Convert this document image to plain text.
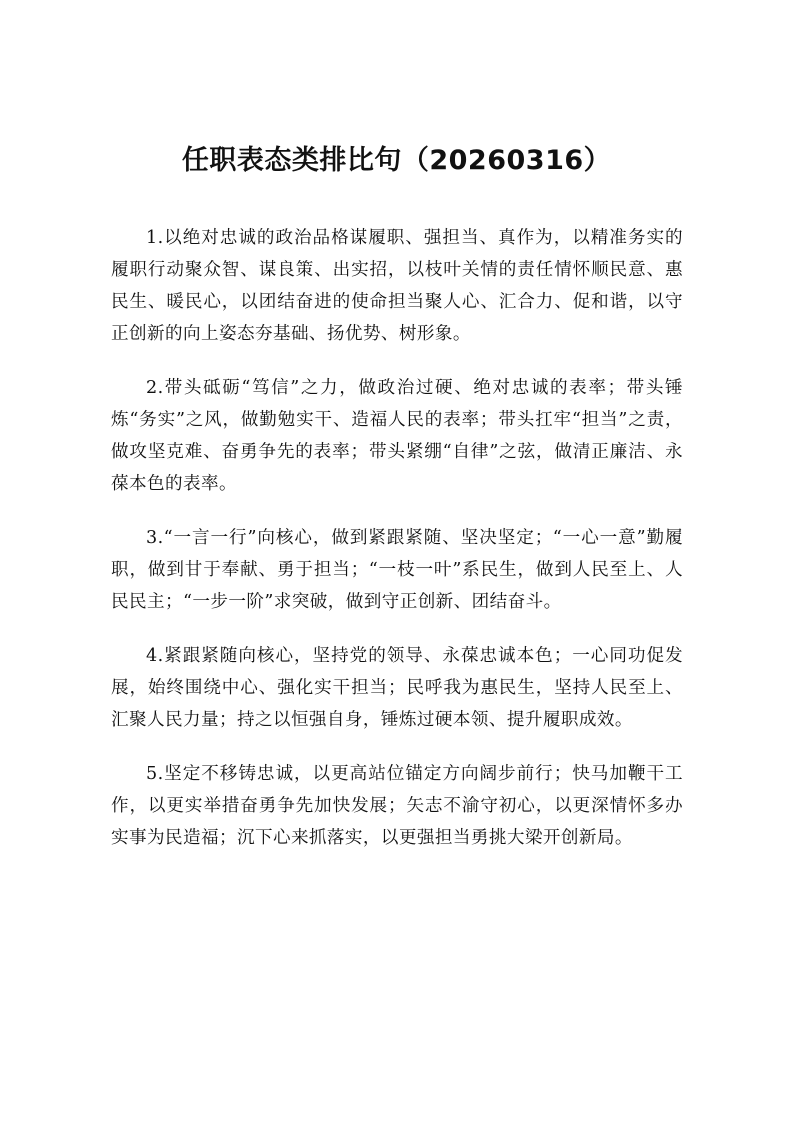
任职表态类排比句（20260316）

1.以绝对忠诚的政治品格谋履职、强担当、真作为，以精准务实的履职行动聚众智、谋良策、出实招，以枝叶关情的责任情怀顺民意、惠民生、暖民心，以团结奋进的使命担当聚人心、汇合力、促和谐，以守正创新的向上姿态夯基础、扬优势、树形象。

2.带头砥砺“笃信”之力，做政治过硬、绝对忠诚的表率；带头锤炼“务实”之风，做勤勉实干、造福人民的表率；带头扛牢“担当”之责，做攻坚克难、奋勇争先的表率；带头紧绷“自律”之弦，做清正廉洁、永葆本色的表率。

3.“一言一行”向核心，做到紧跟紧随、坚决坚定；“一心一意”勤履职，做到甘于奉献、勇于担当；“一枝一叶”系民生，做到人民至上、人民民主；“一步一阶”求突破，做到守正创新、团结奋斗。

4.紧跟紧随向核心，坚持党的领导、永葆忠诚本色；一心同功促发展，始终围绕中心、强化实干担当；民呼我为惠民生，坚持人民至上、汇聚人民力量；持之以恒强自身，锤炼过硬本领、提升履职成效。

5.坚定不移铸忠诚，以更高站位锚定方向阔步前行；快马加鞭干工作，以更实举措奋勇争先加快发展；矢志不渝守初心，以更深情怀多办实事为民造福；沉下心来抓落实，以更强担当勇挑大梁开创新局。
